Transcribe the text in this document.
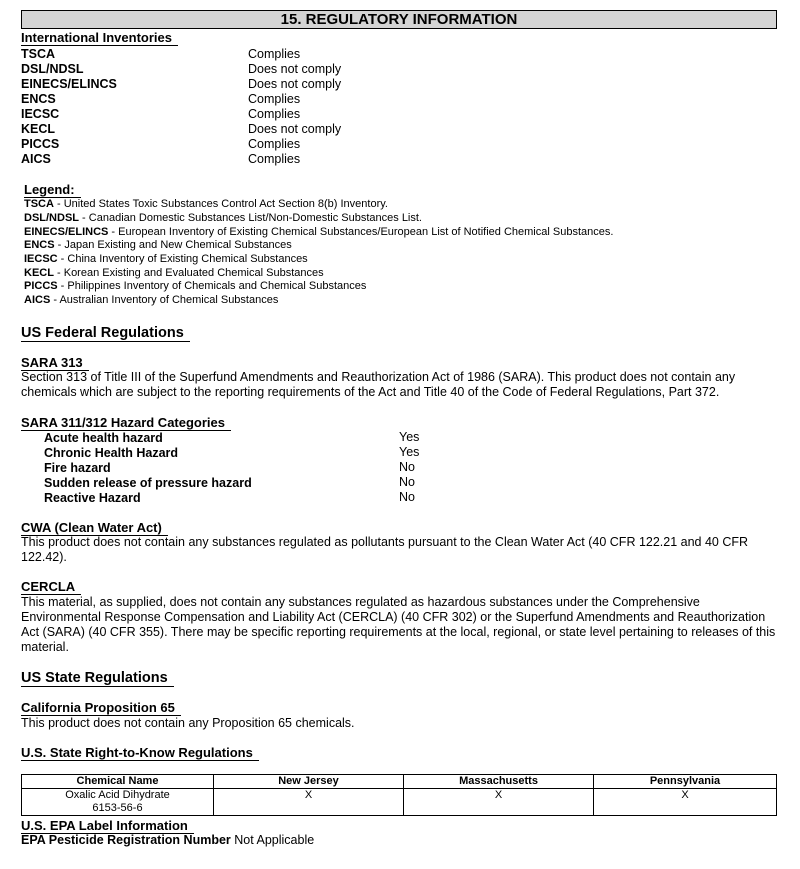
15. REGULATORY INFORMATION
International Inventories
TSCA	Complies
DSL/NDSL	Does not comply
EINECS/ELINCS	Does not comply
ENCS	Complies
IECSC	Complies
KECL	Does not comply
PICCS	Complies
AICS	Complies
Legend:
TSCA - United States Toxic Substances Control Act Section 8(b) Inventory.
DSL/NDSL - Canadian Domestic Substances List/Non-Domestic Substances List.
EINECS/ELINCS - European Inventory of Existing Chemical Substances/European List of Notified Chemical Substances.
ENCS - Japan Existing and New Chemical Substances
IECSC - China Inventory of Existing Chemical Substances
KECL - Korean Existing and Evaluated Chemical Substances
PICCS - Philippines Inventory of Chemicals and Chemical Substances
AICS - Australian Inventory of Chemical Substances
US Federal Regulations
SARA 313
Section 313 of Title III of the Superfund Amendments and Reauthorization Act of 1986 (SARA). This product does not contain any chemicals which are subject to the reporting requirements of the Act and Title 40 of the Code of Federal Regulations, Part 372.
SARA 311/312 Hazard Categories
Acute health hazard	Yes
Chronic Health Hazard	Yes
Fire hazard	No
Sudden release of pressure hazard	No
Reactive Hazard	No
CWA (Clean Water Act)
This product does not contain any substances regulated as pollutants pursuant to the Clean Water Act (40 CFR 122.21 and 40 CFR 122.42).
CERCLA
This material, as supplied, does not contain any substances regulated as hazardous substances under the Comprehensive Environmental Response Compensation and Liability Act (CERCLA) (40 CFR 302) or the Superfund Amendments and Reauthorization Act (SARA) (40 CFR 355). There may be specific reporting requirements at the local, regional, or state level pertaining to releases of this material.
US State Regulations
California Proposition 65
This product does not contain any Proposition 65 chemicals.
U.S. State Right-to-Know Regulations
Chemical Name	New Jersey	Massachusetts	Pennsylvania

Oxalic Acid Dihydrate
6153-56-6	X	X	X
U.S. EPA Label Information
EPA Pesticide Registration Number Not Applicable
